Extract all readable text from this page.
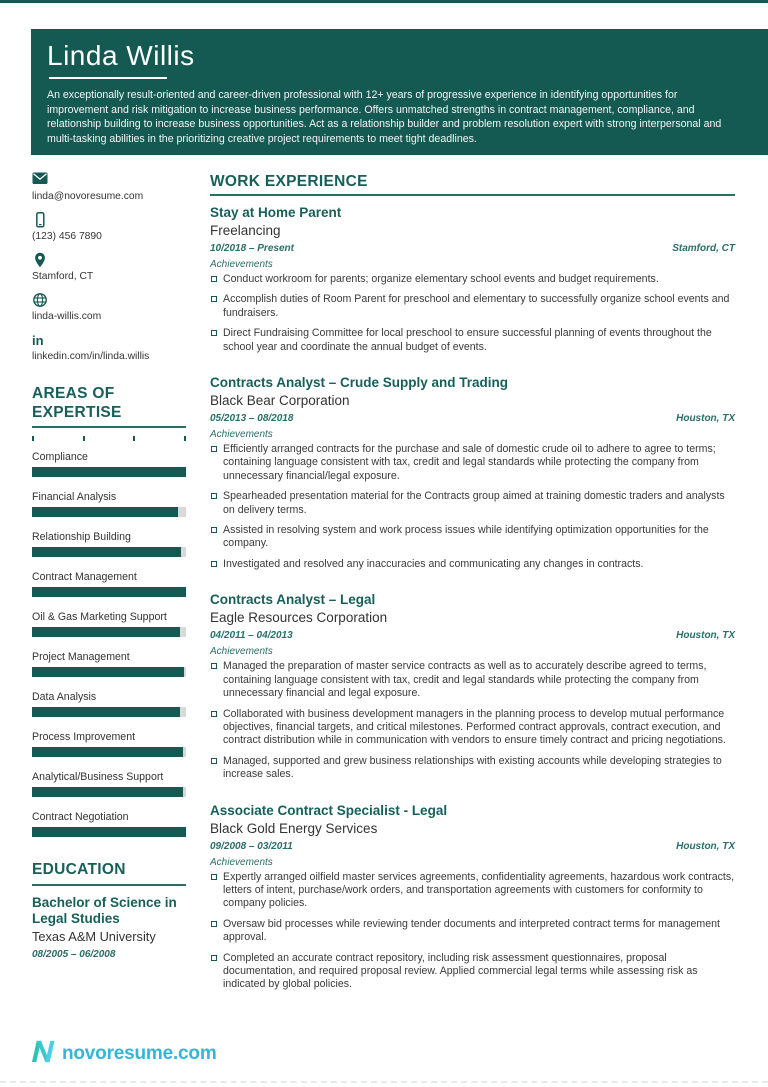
Linda Willis

An exceptionally result-oriented and career-driven professional with 12+ years of progressive experience in identifying opportunities for improvement and risk mitigation to increase business performance. Offers unmatched strengths in contract management, compliance, and relationship building to increase business opportunities. Act as a relationship builder and problem resolution expert with strong interpersonal and multi-tasking abilities in the prioritizing creative project requirements to meet tight deadlines.

linda@novoresume.com
(123) 456 7890
Stamford, CT
linda-willis.com
in
linkedin.com/in/linda.willis
AREAS OF EXPERTISE
Compliance
Financial Analysis
Relationship Building
Contract Management
Oil & Gas Marketing Support
Project Management
Data Analysis
Process Improvement
Analytical/Business Support
Contract Negotiation
EDUCATION
Bachelor of Science in Legal Studies
Texas A&M University
08/2005 – 06/2008
WORK EXPERIENCE
Stay at Home Parent
Freelancing
10/2018 – Present	Stamford, CT
Achievements
Conduct workroom for parents; organize elementary school events and budget requirements.
Accomplish duties of Room Parent for preschool and elementary to successfully organize school events and fundraisers.
Direct Fundraising Committee for local preschool to ensure successful planning of events throughout the school year and coordinate the annual budget of events.
Contracts Analyst – Crude Supply and Trading
Black Bear Corporation
05/2013 – 08/2018	Houston, TX
Achievements
Efficiently arranged contracts for the purchase and sale of domestic crude oil to adhere to agree to terms; containing language consistent with tax, credit and legal standards while protecting the company from unnecessary financial/legal exposure.
Spearheaded presentation material for the Contracts group aimed at training domestic traders and analysts on delivery terms.
Assisted in resolving system and work process issues while identifying optimization opportunities for the company.
Investigated and resolved any inaccuracies and communicating any changes in contracts.
Contracts Analyst – Legal
Eagle Resources Corporation
04/2011 – 04/2013	Houston, TX
Achievements
Managed the preparation of master service contracts as well as to accurately describe agreed to terms, containing language consistent with tax, credit and legal standards while protecting the company from unnecessary financial and legal exposure.
Collaborated with business development managers in the planning process to develop mutual performance objectives, financial targets, and critical milestones. Performed contract approvals, contract execution, and contract distribution while in communication with vendors to ensure timely contract and pricing negotiations.
Managed, supported and grew business relationships with existing accounts while developing strategies to increase sales.
Associate Contract Specialist - Legal
Black Gold Energy Services
09/2008 – 03/2011	Houston, TX
Achievements
Expertly arranged oilfield master services agreements, confidentiality agreements, hazardous work contracts, letters of intent, purchase/work orders, and transportation agreements with customers for conformity to company policies.
Oversaw bid processes while reviewing tender documents and interpreted contract terms for management approval.
Completed an accurate contract repository, including risk assessment questionnaires, proposal documentation, and required proposal review. Applied commercial legal terms while assessing risk as indicated by global policies.
novoresume.com
